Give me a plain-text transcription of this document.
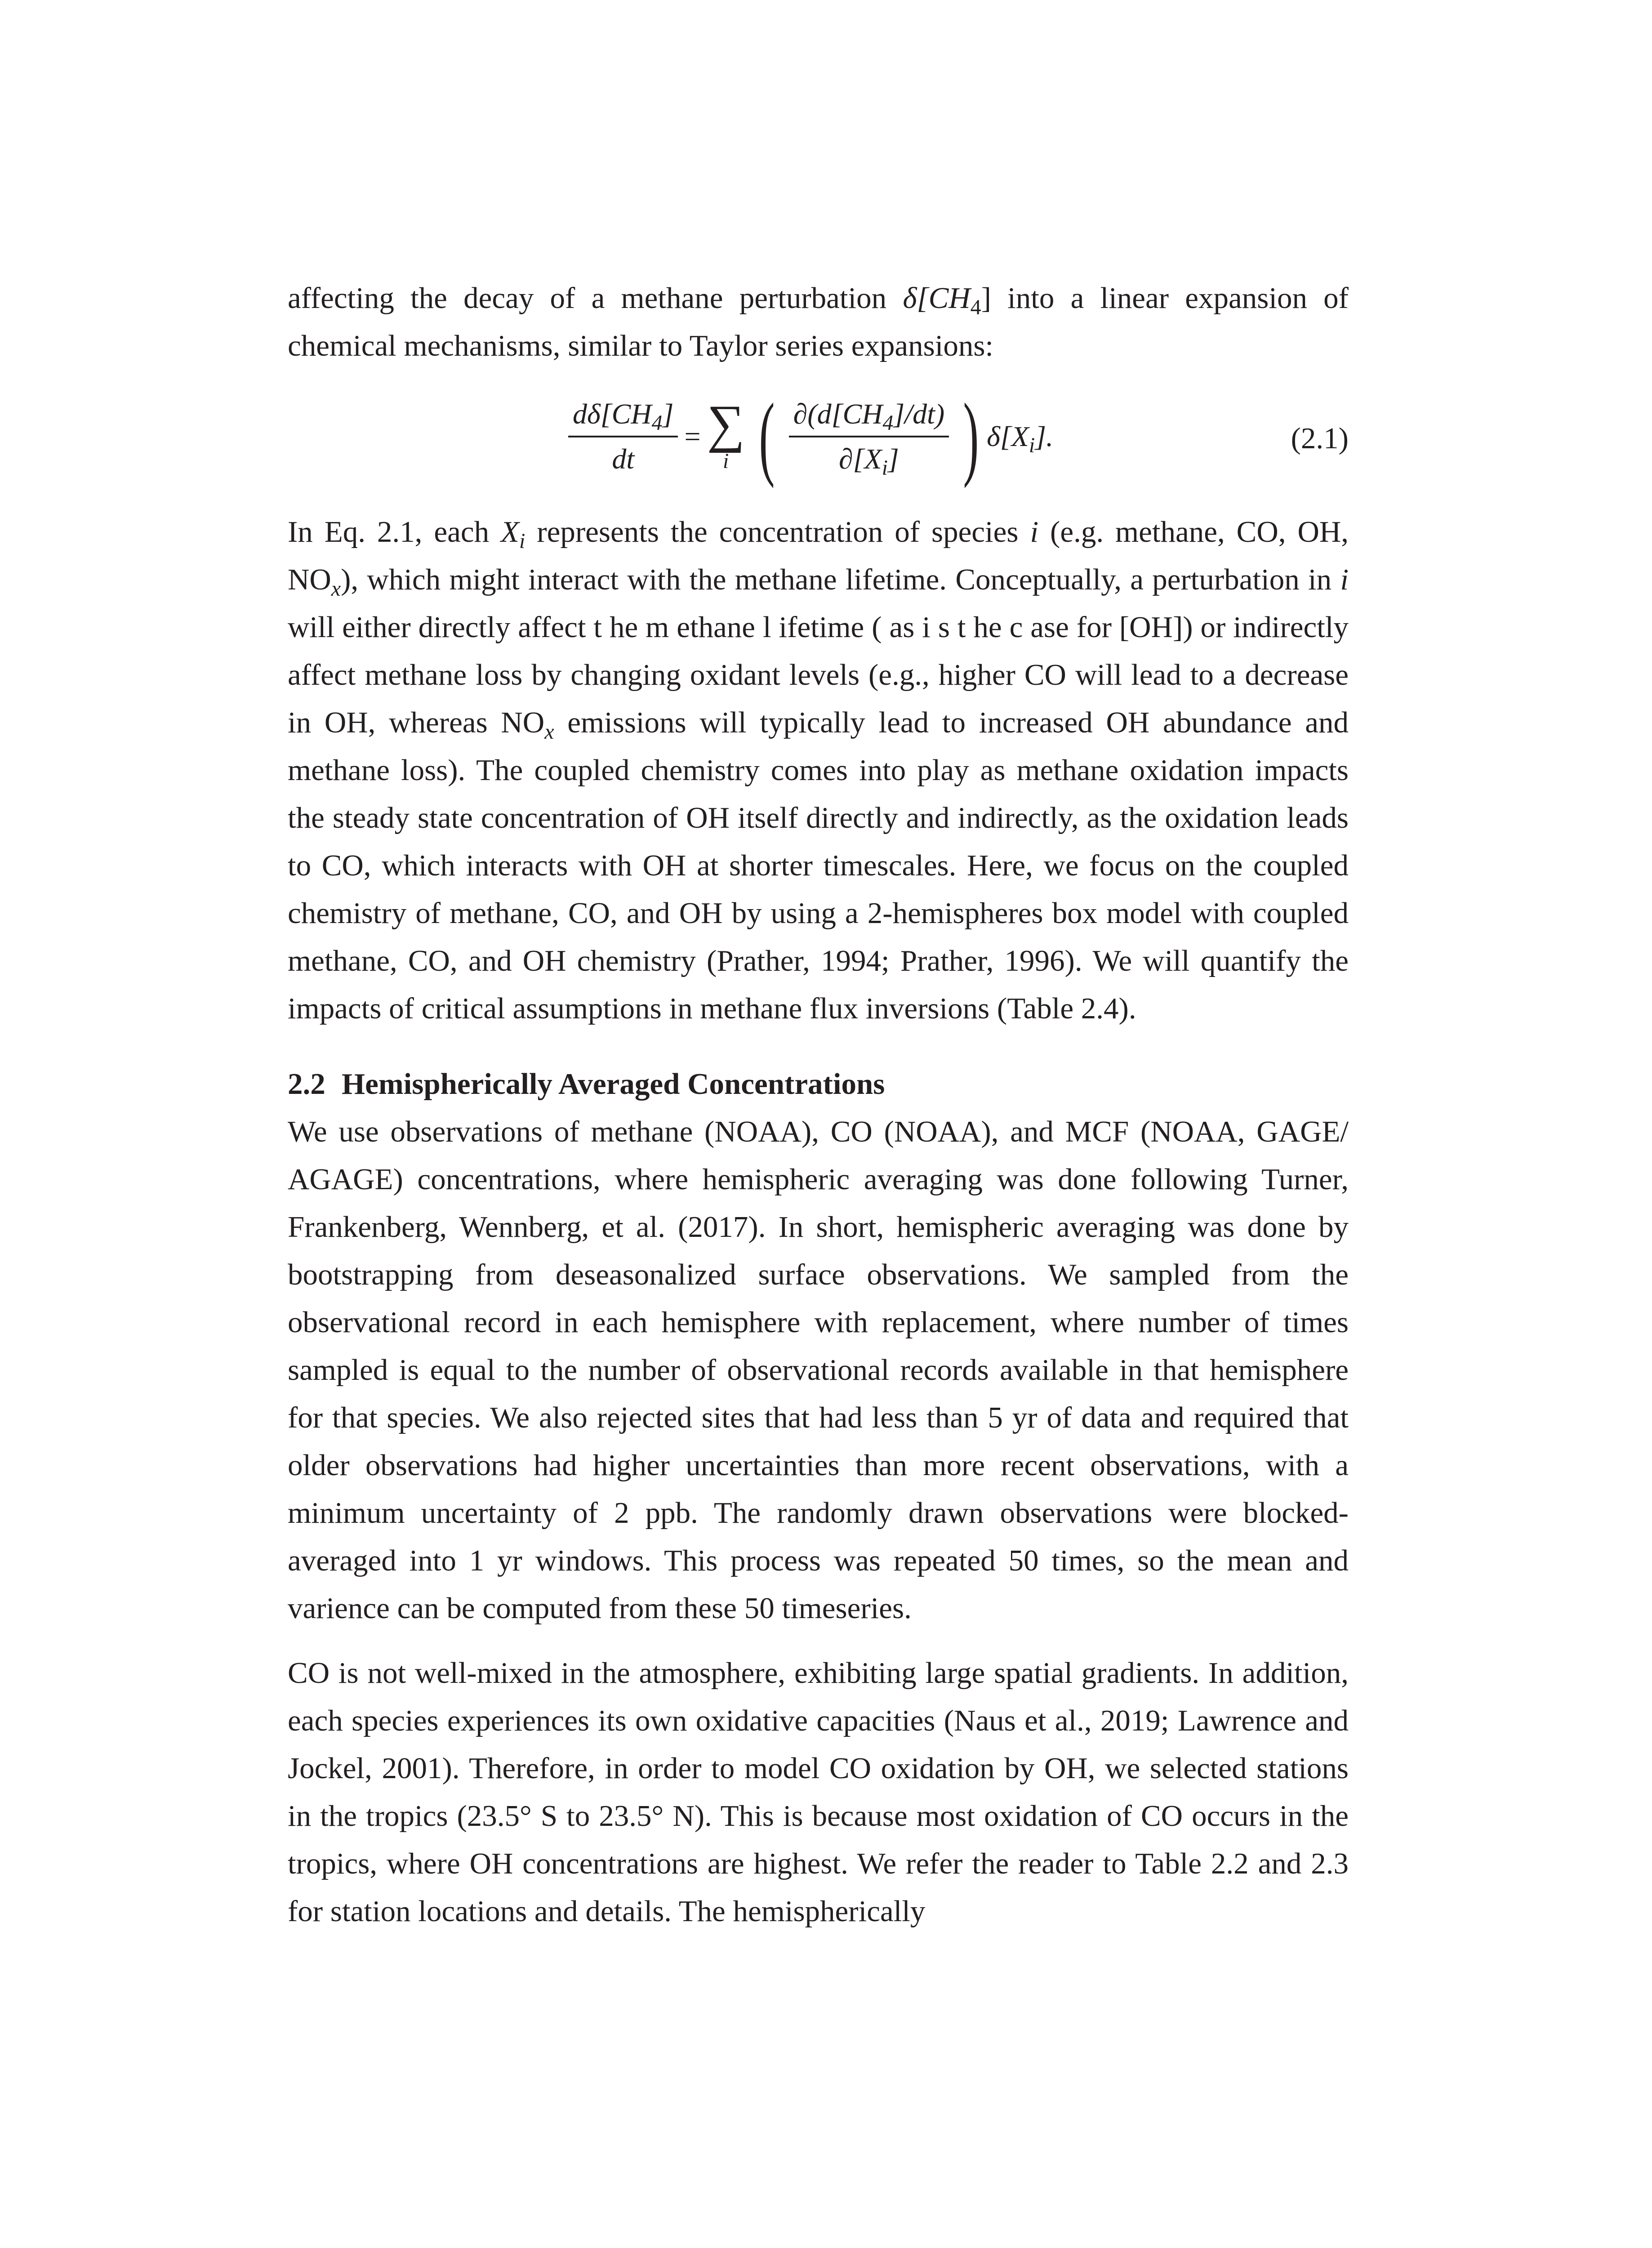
affecting the decay of a methane perturbation $\delta[CH_4]$ into a linear expansion of chemical mechanisms, similar to Taylor series expansions:

$\frac{d\delta[CH_4]}{dt}$ = ∑
i ( $\frac{\partial(d[CH_4]/dt)}{\partial[X_i]}$ ) $\delta[X_i]$.	(2.1)

In Eq. 2.1, each $X_i$ represents the concentration of species i (e.g. methane, CO, OH, $NO_x$), which might interact with the methane lifetime. Conceptually, a perturbation in i will either directly affect t he m ethane l ifetime ( as i s t he c ase for [OH]) or indirectly affect methane loss by changing oxidant levels (e.g., higher CO will lead to a decrease in OH, whereas $NO_x$ emissions will typically lead to increased OH abundance and methane loss). The coupled chemistry comes into play as methane oxidation impacts the steady state concentration of OH itself directly and indirectly, as the oxidation leads to CO, which interacts with OH at shorter timescales. Here, we focus on the coupled chemistry of methane, CO, and OH by using a 2-hemispheres box model with coupled methane, CO, and OH chemistry (Prather, 1994; Prather, 1996). We will quantify the impacts of critical assumptions in methane flux inversions (Table 2.4).

2.2 Hemispherically Averaged Concentrations

We use observations of methane (NOAA), CO (NOAA), and MCF (NOAA, GAGE/ AGAGE) concentrations, where hemispheric averaging was done following Turner, Frankenberg, Wennberg, et al. (2017). In short, hemispheric averaging was done by bootstrapping from deseasonalized surface observations. We sampled from the observational record in each hemisphere with replacement, where number of times sampled is equal to the number of observational records available in that hemisphere for that species. We also rejected sites that had less than 5 yr of data and required that older observations had higher uncertainties than more recent observations, with a minimum uncertainty of 2 ppb. The randomly drawn observations were blocked-averaged into 1 yr windows. This process was repeated 50 times, so the mean and varience can be computed from these 50 timeseries.

CO is not well-mixed in the atmosphere, exhibiting large spatial gradients. In addition, each species experiences its own oxidative capacities (Naus et al., 2019; Lawrence and Jockel, 2001). Therefore, in order to model CO oxidation by OH, we selected stations in the tropics (23.5° S to 23.5° N). This is because most oxidation of CO occurs in the tropics, where OH concentrations are highest. We refer the reader to Table 2.2 and 2.3 for station locations and details. The hemispherically
